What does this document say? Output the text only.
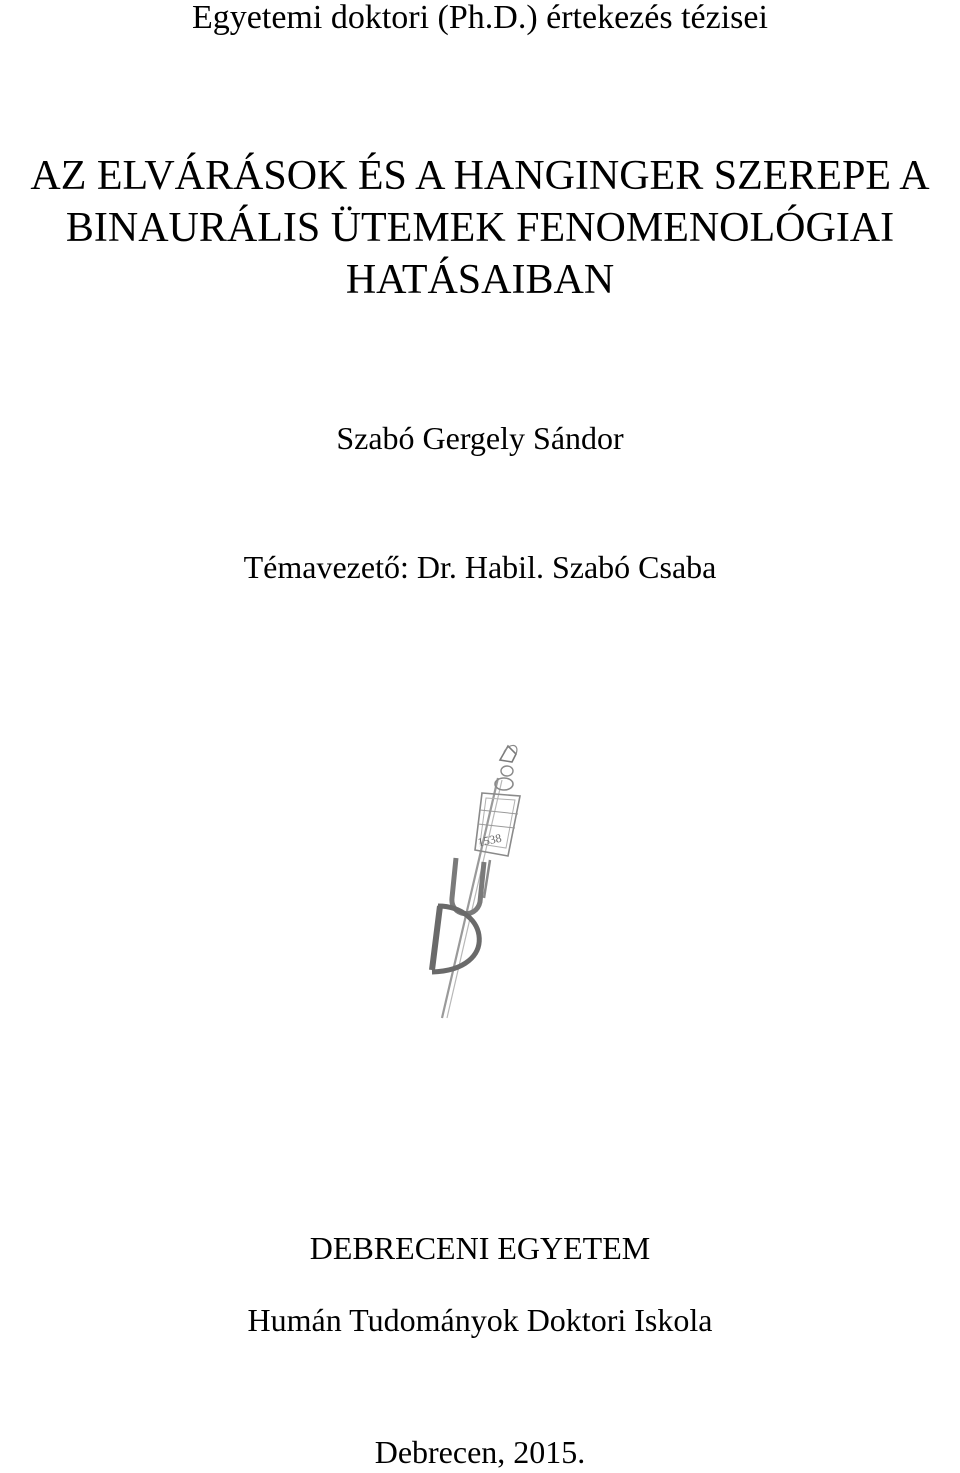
Egyetemi doktori (Ph.D.) értekezés tézisei
AZ ELVÁRÁSOK ÉS A HANGINGER SZEREPE A
BINAURÁLIS ÜTEMEK FENOMENOLÓGIAI
HATÁSAIBAN
Szabó Gergely Sándor
Témavezető: Dr. Habil. Szabó Csaba
1538
DEBRECENI EGYETEM
Humán Tudományok Doktori Iskola
Debrecen, 2015.
